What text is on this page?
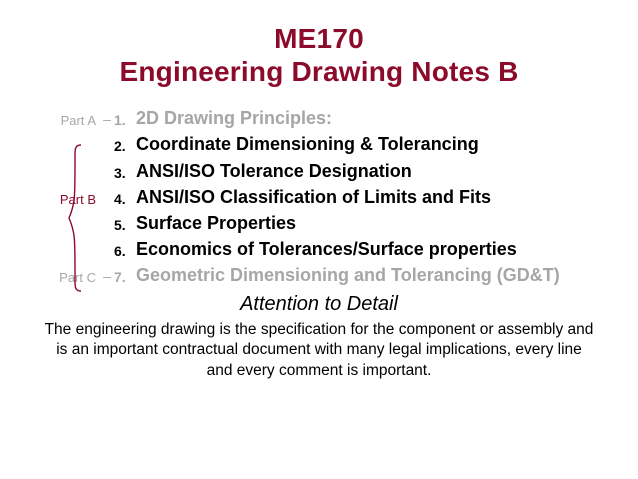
ME170
Engineering Drawing Notes B
Part A – 1. 2D Drawing Principles:
2. Coordinate Dimensioning & Tolerancing
3. ANSI/ISO Tolerance Designation
Part B 4. ANSI/ISO Classification of Limits and Fits
5. Surface Properties
6. Economics of Tolerances/Surface properties
Part C – 7. Geometric Dimensioning and Tolerancing (GD&T)
Attention to Detail
The engineering drawing is the specification for the component or assembly and is an important contractual document with many legal implications, every line and every comment is important.
